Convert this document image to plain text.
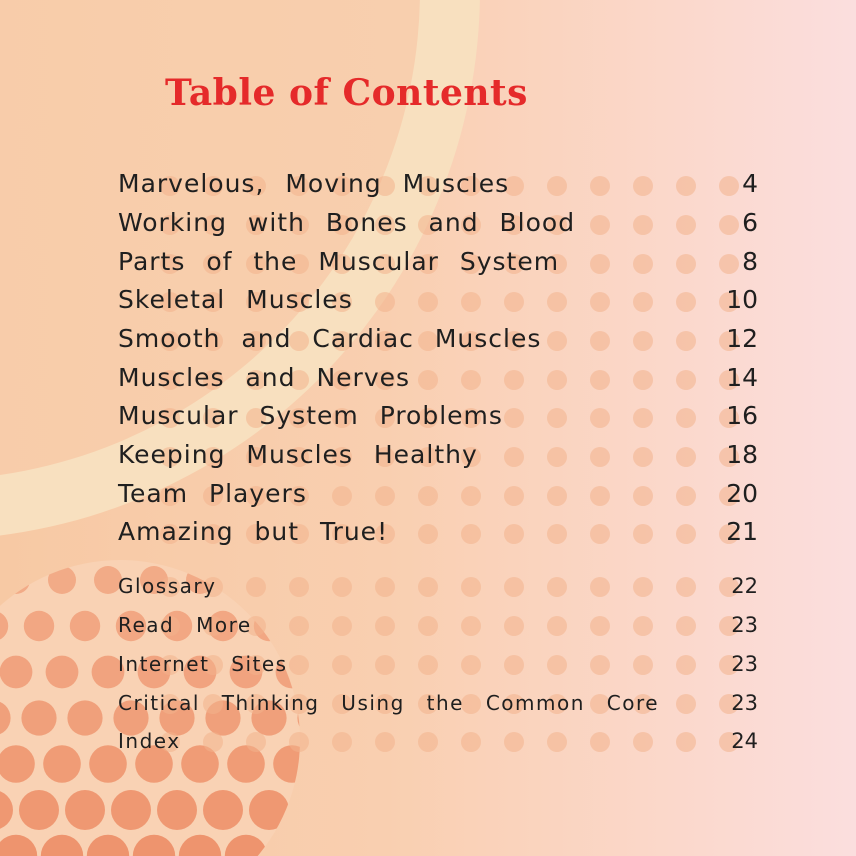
Table of Contents
Marvelous, Moving Muscles	4
Working with Bones and Blood	6
Parts of the Muscular System	8
Skeletal Muscles	10
Smooth and Cardiac Muscles	12
Muscles and Nerves	14
Muscular System Problems	16
Keeping Muscles Healthy	18
Team Players	20
Amazing but True!	21
Glossary	22
Read More	23
Internet Sites	23
Critical Thinking Using the Common Core	23
Index	24
